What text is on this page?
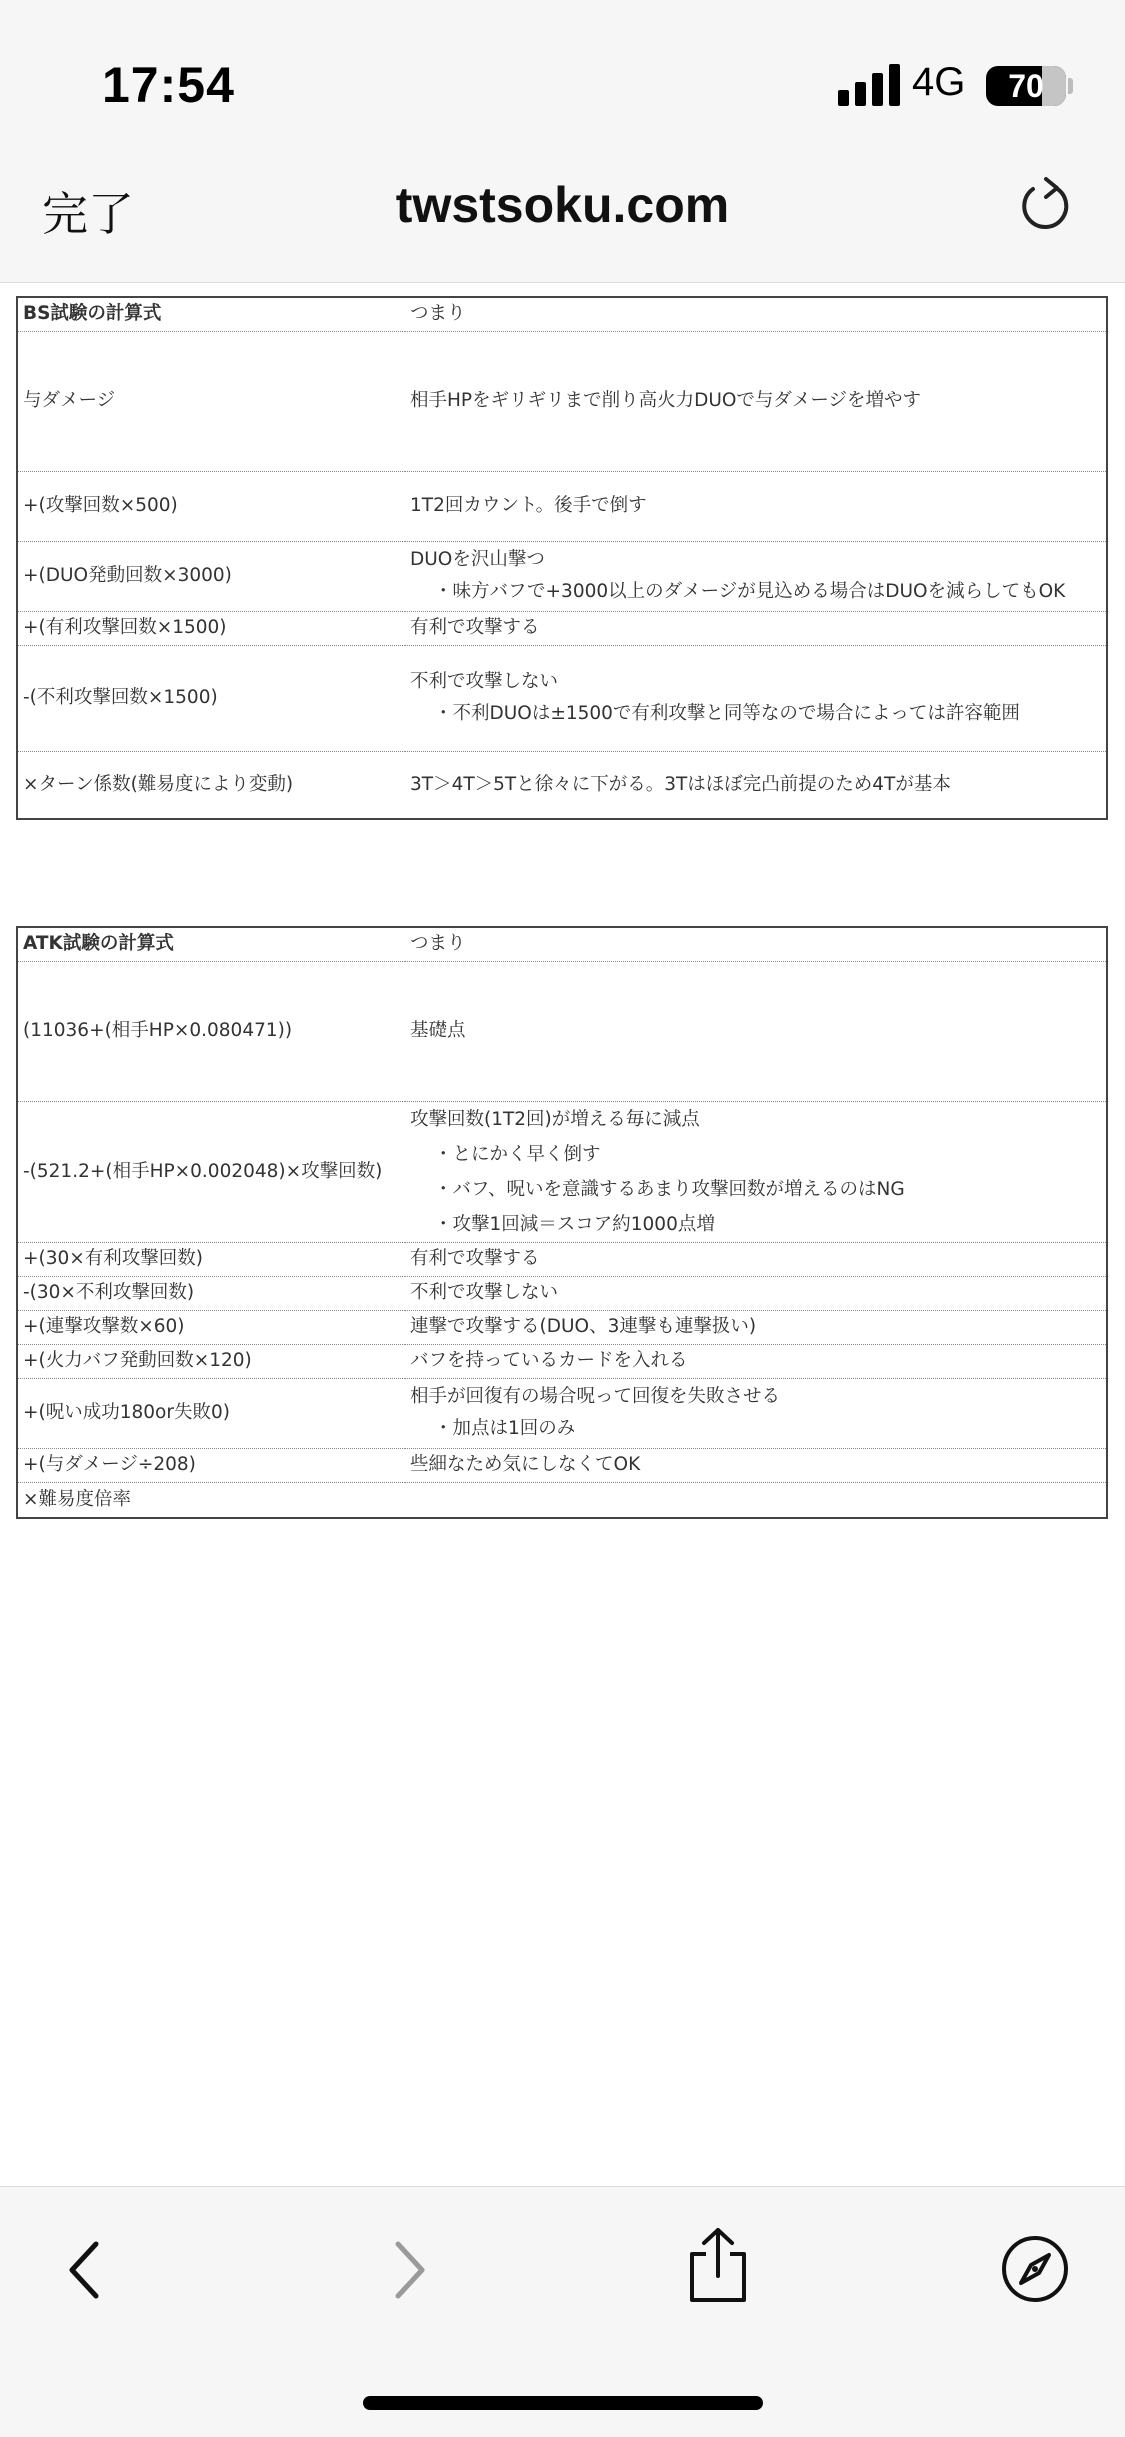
17:54	4G	70
完了	twstsoku.com
BS試験の計算式	つまり
与ダメージ	相手HPをギリギリまで削り高火力DUOで与ダメージを増やす
+(攻撃回数×500)	1T2回カウント。後手で倒す
+(DUO発動回数×3000)	DUOを沢山撃つ
・味方バフで+3000以上のダメージが見込める場合はDUOを減らしてもOK

+(有利攻撃回数×1500)	有利で攻撃する
-(不利攻撃回数×1500)	不利で攻撃しない
・不利DUOは±1500で有利攻撃と同等なので場合によっては許容範囲

×ターン係数(難易度により変動)	3T＞4T＞5Tと徐々に下がる。3Tはほぼ完凸前提のため4Tが基本
ATK試験の計算式	つまり
(11036+(相手HP×0.080471))	基礎点
-(521.2+(相手HP×0.002048)×攻撃回数)	攻撃回数(1T2回)が増える毎に減点
・とにかく早く倒す
・バフ、呪いを意識するあまり攻撃回数が増えるのはNG
・攻撃1回減＝スコア約1000点増

+(30×有利攻撃回数)	有利で攻撃する
-(30×不利攻撃回数)	不利で攻撃しない
+(連撃攻撃数×60)	連撃で攻撃する(DUO、3連撃も連撃扱い)
+(火力バフ発動回数×120)	バフを持っているカードを入れる
+(呪い成功180or失敗0)	相手が回復有の場合呪って回復を失敗させる
・加点は1回のみ

+(与ダメージ÷208)	些細なため気にしなくてOK
×難易度倍率	
